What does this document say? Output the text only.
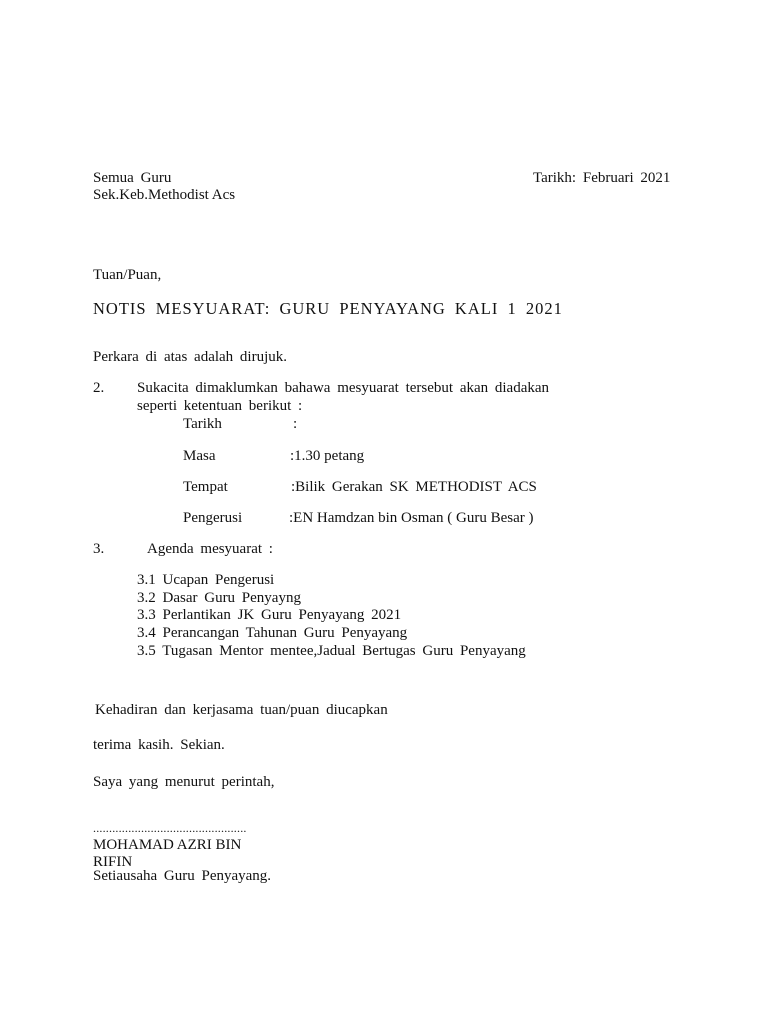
Semua Guru
Sek.Keb.Methodist Acs
Tarikh: Februari 2021
Tuan/Puan,
NOTIS MESYUARAT: GURU PENYAYANG KALI 1 2021
Perkara di atas adalah dirujuk.
2. Sukacita dimaklumkan bahawa mesyuarat tersebut akan diadakan
seperti ketentuan berikut :
Tarikh	:
Masa	:1.30 petang
Tempat	:Bilik Gerakan SK METHODIST ACS
Pengerusi	:EN Hamdzan bin Osman ( Guru Besar )
3.	Agenda mesyuarat :
3.1 Ucapan Pengerusi
3.2 Dasar Guru Penyayng
3.3 Perlantikan JK Guru Penyayang 2021
3.4 Perancangan Tahunan Guru Penyayang
3.5 Tugasan Mentor mentee,Jadual Bertugas Guru Penyayang
Kehadiran dan kerjasama tuan/puan diucapkan
terima kasih. Sekian.
Saya yang menurut perintah,
................................................
MOHAMAD AZRI BIN
RIFIN
Setiausaha Guru Penyayang.
